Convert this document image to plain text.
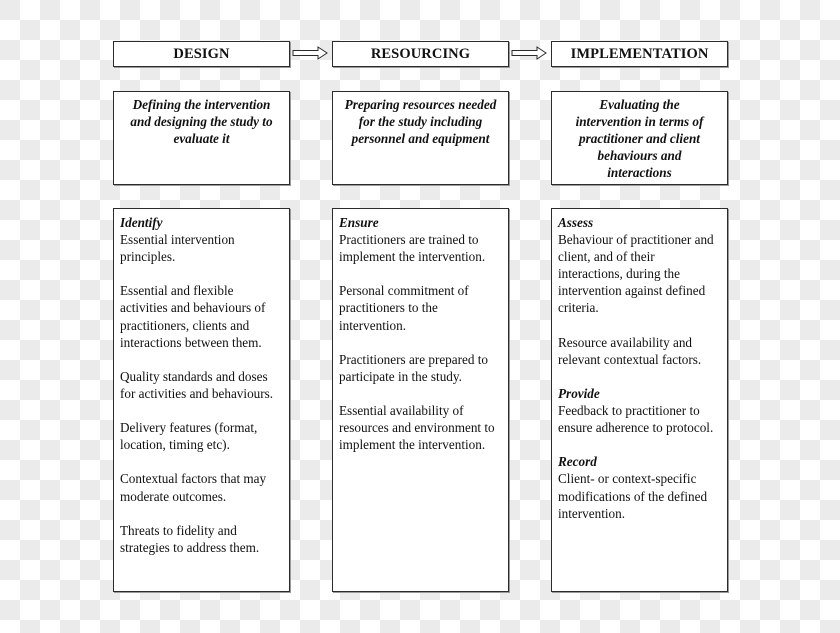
DESIGN	RESOURCING	IMPLEMENTATION
Defining the intervention and designing the study to evaluate it
Preparing resources needed for the study including personnel and equipment
Evaluating the intervention in terms of practitioner and client behaviours and interactions
Identify
Essential intervention principles.
Essential and flexible activities and behaviours of practitioners, clients and interactions between them.
Quality standards and doses for activities and behaviours.
Delivery features (format, location, timing etc).
Contextual factors that may moderate outcomes.
Threats to fidelity and strategies to address them.
Ensure
Practitioners are trained to implement the intervention.
Personal commitment of practitioners to the intervention.
Practitioners are prepared to participate in the study.
Essential availability of resources and environment to implement the intervention.
Assess
Behaviour of practitioner and client, and of their interactions, during the intervention against defined criteria.
Resource availability and relevant contextual factors.
Provide
Feedback to practitioner to ensure adherence to protocol.
Record
Client- or context-specific modifications of the defined intervention.
